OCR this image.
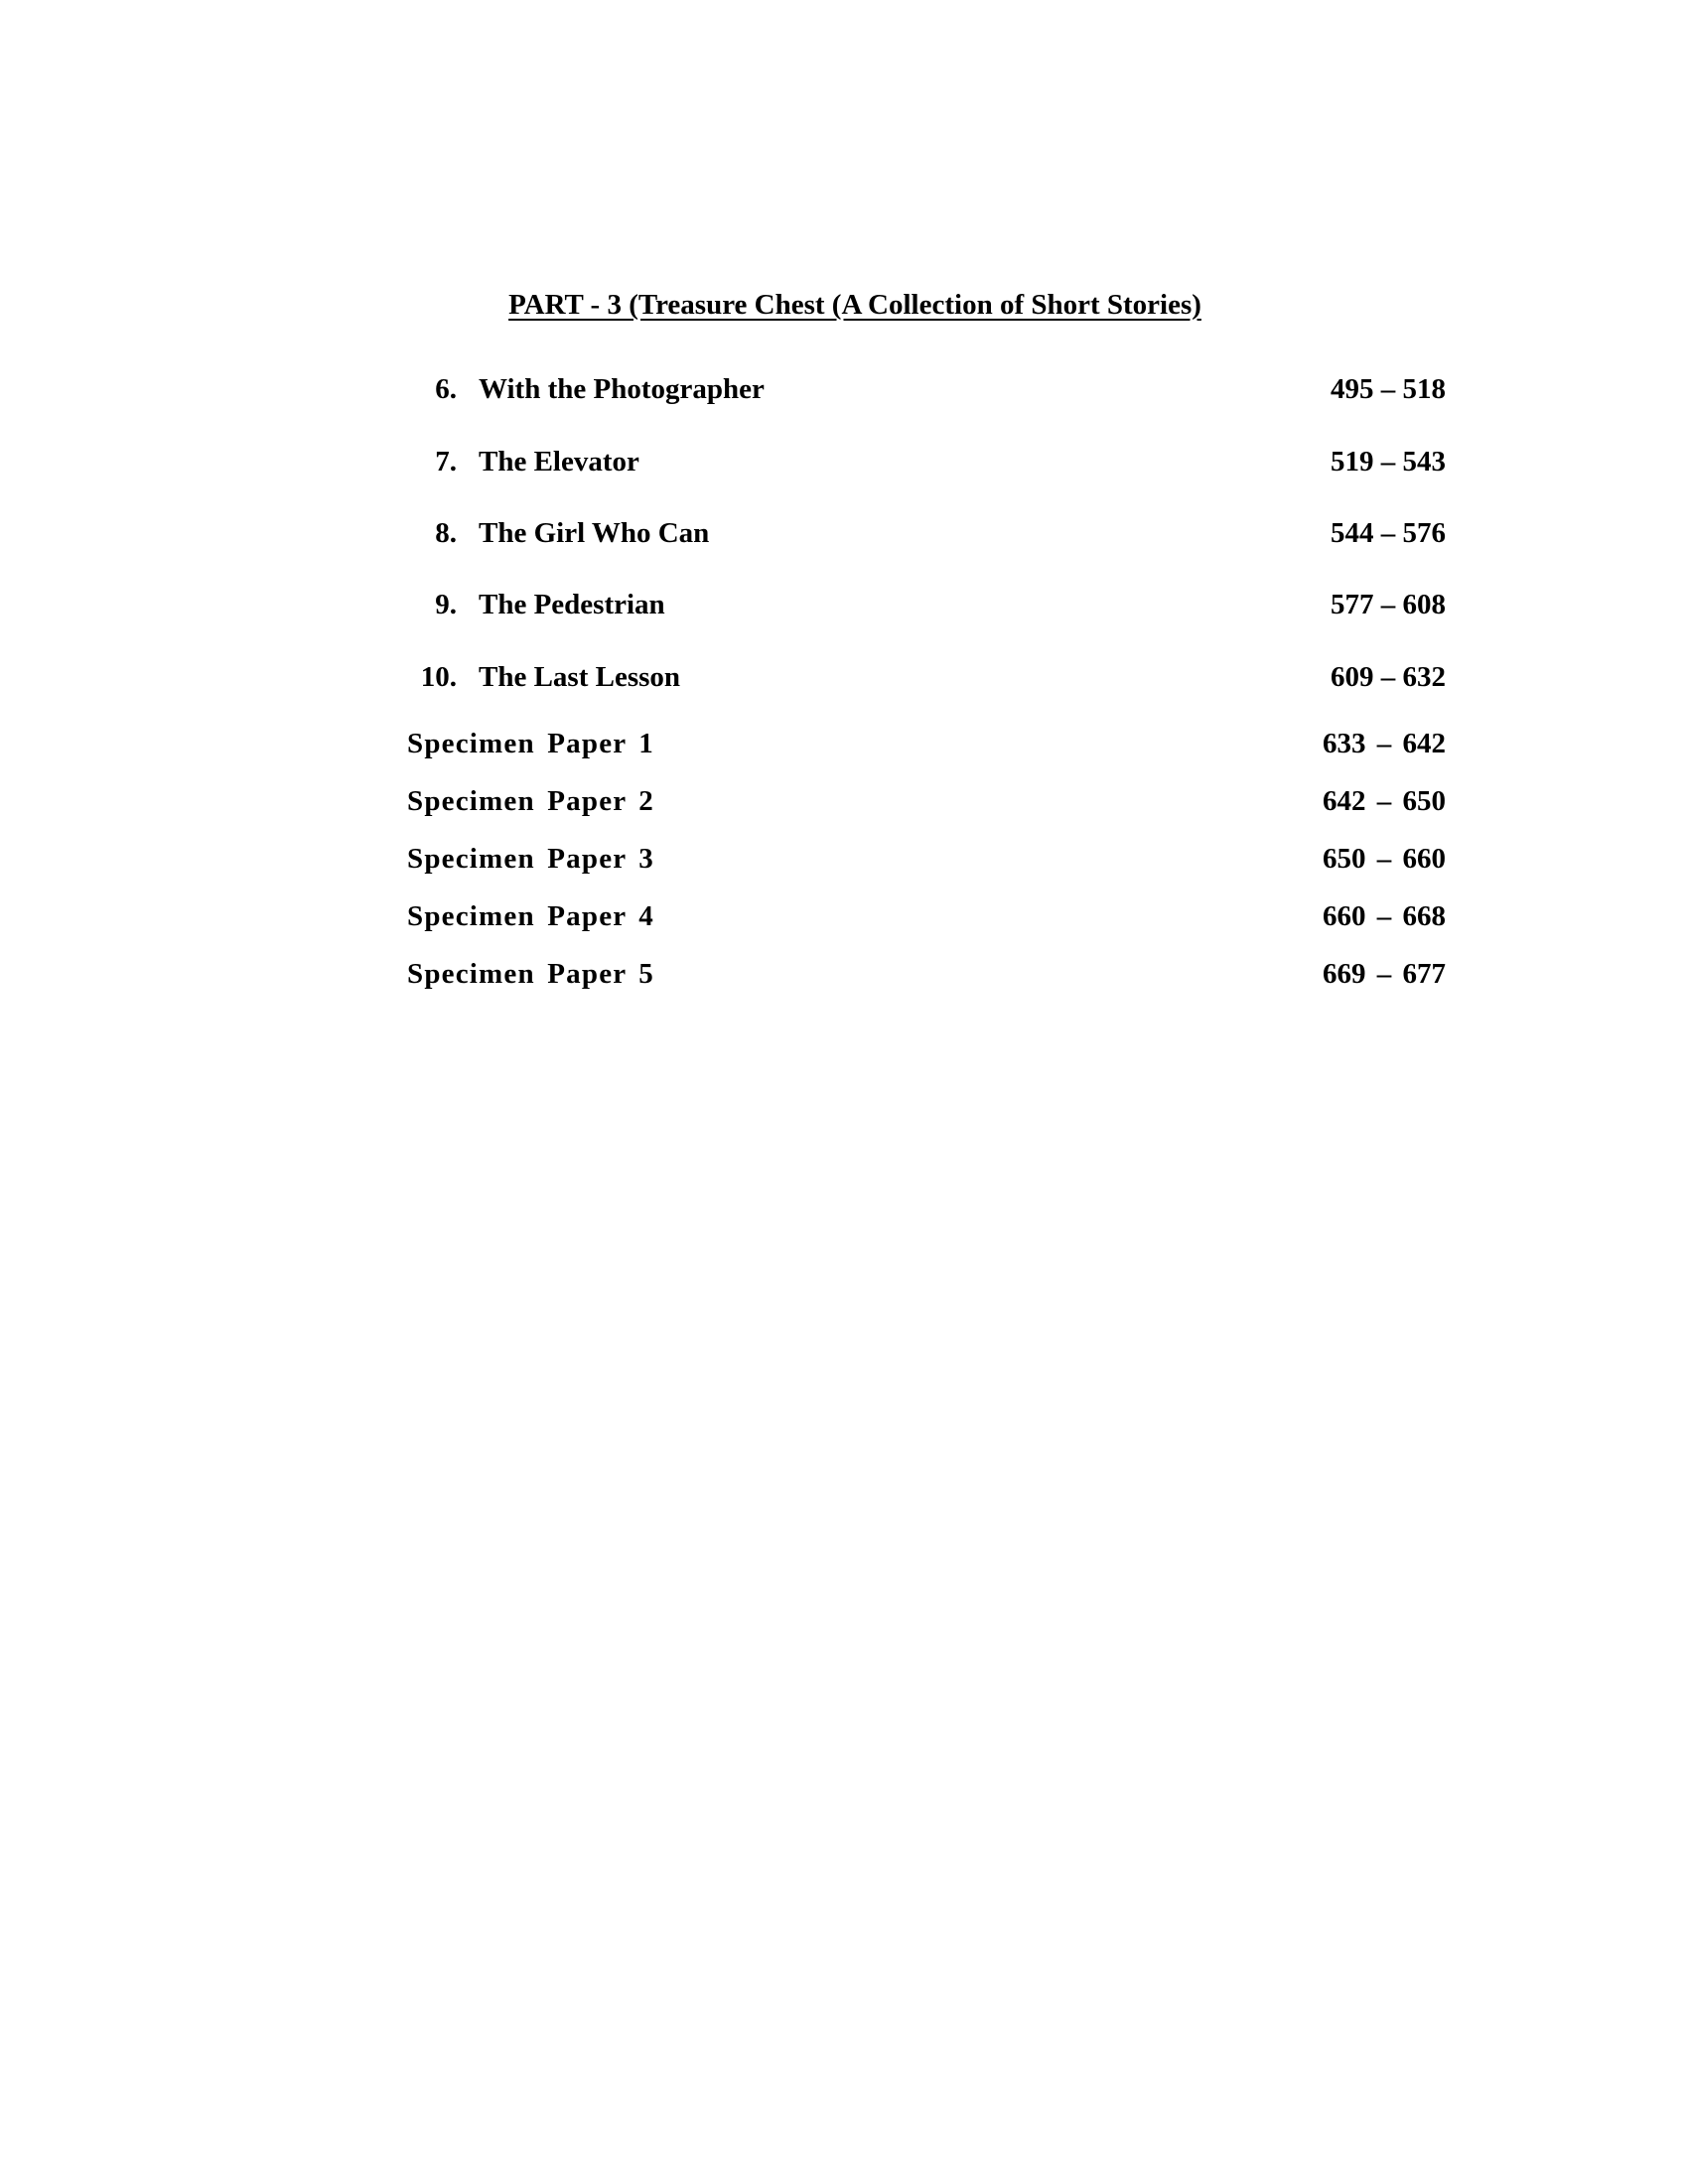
PART - 3 (Treasure Chest (A Collection of Short Stories)
6. With the Photographer	495 – 518
7. The Elevator	519 – 543
8. The Girl Who Can	544 – 576
9. The Pedestrian	577 – 608
10. The Last Lesson	609 – 632
Specimen Paper 1	633 – 642
Specimen Paper 2	642 – 650
Specimen Paper 3	650 – 660
Specimen Paper 4	660 – 668
Specimen Paper 5	669 – 677
